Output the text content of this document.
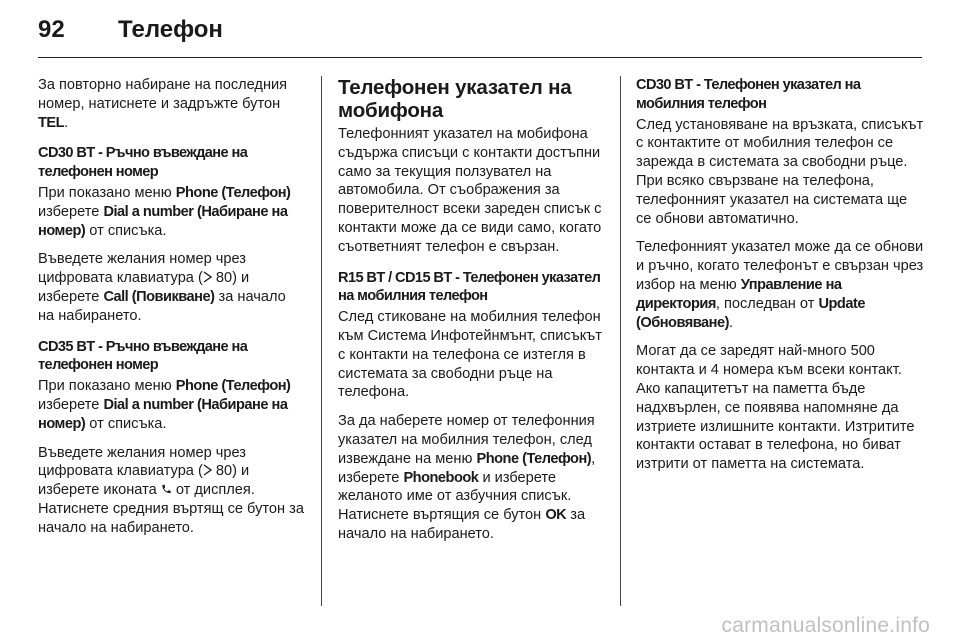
92 Телефон

За повторно набиране на последния номер, натиснете и задръжте бутон TEL.

CD30 BT - Ръчно въвеждане на телефонен номер

При показано меню Phone (Телефон) изберете Dial a number (Набиране на номер) от списъка.

Въведете желания номер чрез цифровата клавиатура ( 80) и изберете Call (Повикване) за начало на набирането.

CD35 BT - Ръчно въвеждане на телефонен номер

При показано меню Phone (Телефон) изберете Dial a number (Набиране на номер) от списъка.

Въведете желания номер чрез цифровата клавиатура ( 80) и изберете иконата от дисплея. Натиснете средния въртящ се бутон за начало на набирането.

Телефонен указател на мобифона

Телефонният указател на мобифона съдържа списъци с контакти достъпни само за текущия ползувател на автомобила. От съображения за поверителност всеки зареден списък с контакти може да се види само, когато съответният телефон е свързан.

R15 BT / CD15 BT - Телефонен указател на мобилния телефон

След стиковане на мобилния телефон към Система Инфотейнмънт, списъкът с контакти на телефона се изтегля в системата за свободни ръце на телефона.

За да наберете номер от телефонния указател на мобилния телефон, след извеждане на меню Phone (Телефон), изберете Phonebook и изберете желаното име от азбучния списък. Натиснете въртящия се бутон OK за начало на набирането.

CD30 BT - Телефонен указател на мобилния телефон

След установяване на връзката, списъкът с контактите от мобилния телефон се зарежда в системата за свободни ръце. При всяко свързване на телефона, телефонният указател на системата ще се обнови автоматично.

Телефонният указател може да се обнови и ръчно, когато телефонът е свързан чрез избор на меню Управление на директория, последван от Update (Обновяване).

Могат да се заредят най-много 500 контакта и 4 номера към всеки контакт. Ако капацитетът на паметта бъде надхвърлен, се появява напомняне да изтриете излишните контакти. Изтритите контакти остават в телефона, но биват изтрити от паметта на системата.

carmanualsonline.info
